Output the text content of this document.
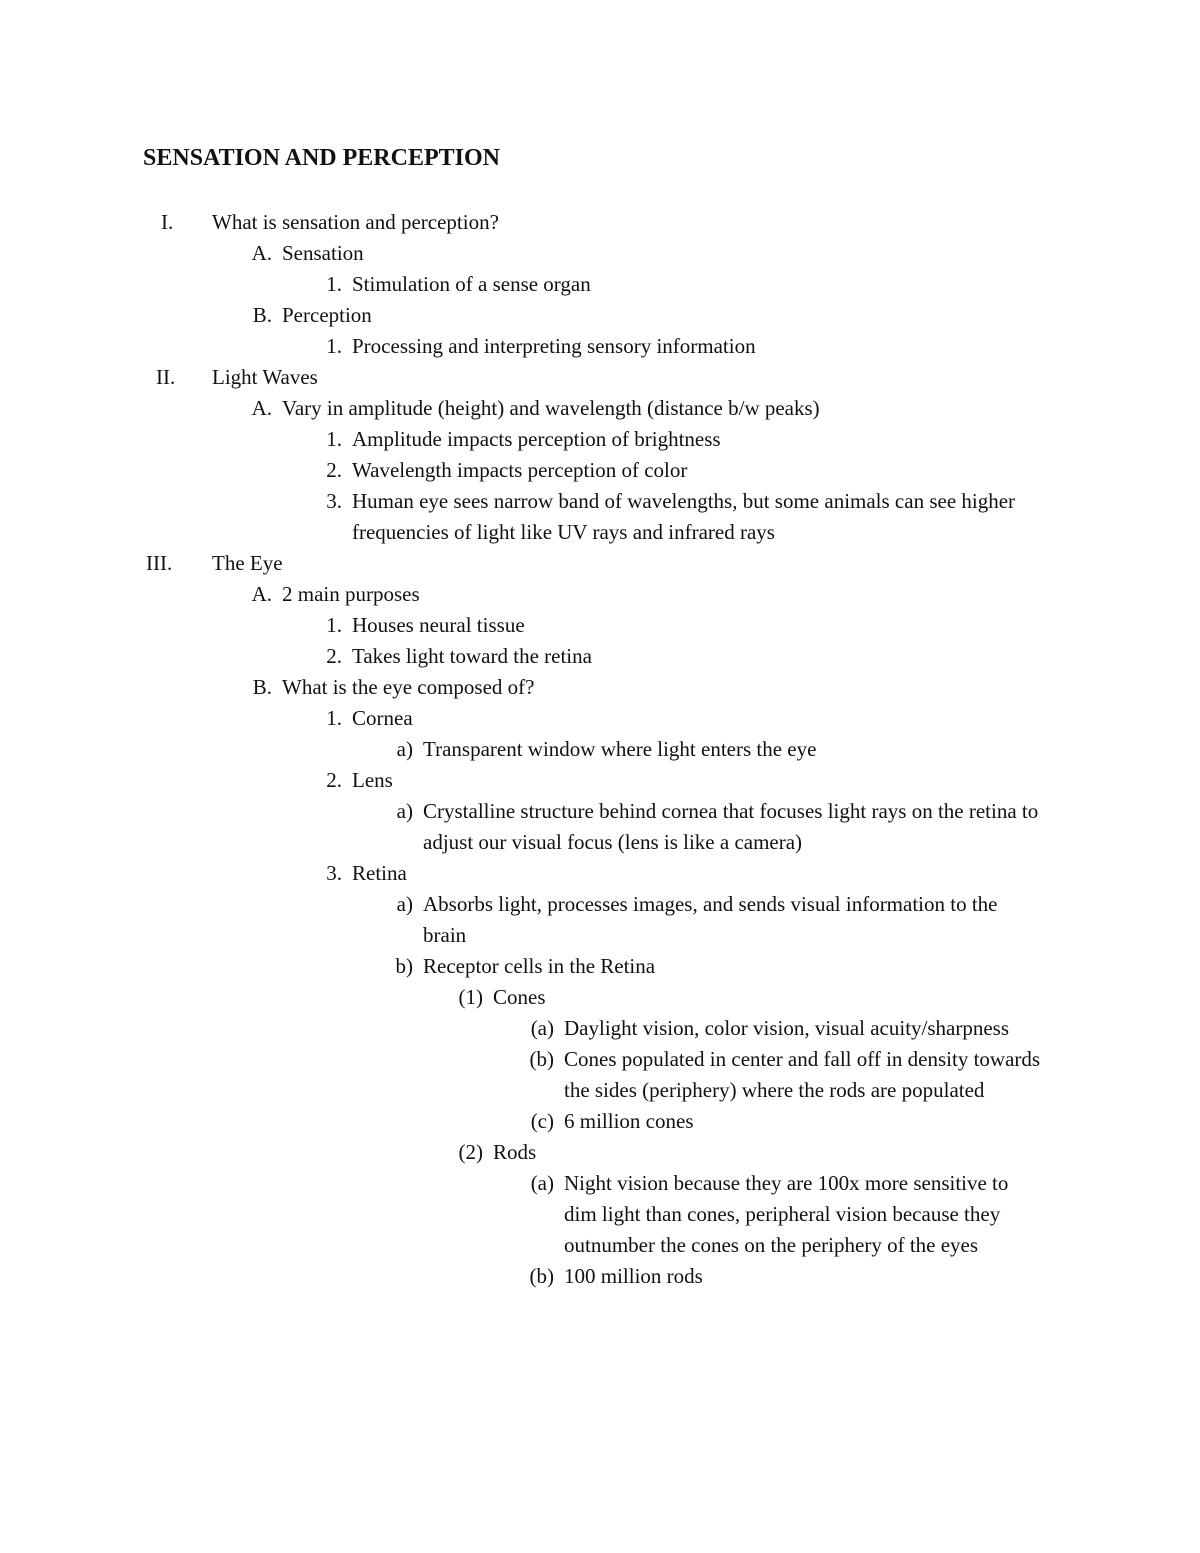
SENSATION AND PERCEPTION
I. What is sensation and perception?
A. Sensation
1. Stimulation of a sense organ
B. Perception
1. Processing and interpreting sensory information
II. Light Waves
A. Vary in amplitude (height) and wavelength (distance b/w peaks)
1. Amplitude impacts perception of brightness
2. Wavelength impacts perception of color
3. Human eye sees narrow band of wavelengths, but some animals can see higher frequencies of light like UV rays and infrared rays
III. The Eye
A. 2 main purposes
1. Houses neural tissue
2. Takes light toward the retina
B. What is the eye composed of?
1. Cornea
a) Transparent window where light enters the eye
2. Lens
a) Crystalline structure behind cornea that focuses light rays on the retina to adjust our visual focus (lens is like a camera)
3. Retina
a) Absorbs light, processes images, and sends visual information to the brain
b) Receptor cells in the Retina
(1) Cones
(a) Daylight vision, color vision, visual acuity/sharpness
(b) Cones populated in center and fall off in density towards the sides (periphery) where the rods are populated
(c) 6 million cones
(2) Rods
(a) Night vision because they are 100x more sensitive to dim light than cones, peripheral vision because they outnumber the cones on the periphery of the eyes
(b) 100 million rods
